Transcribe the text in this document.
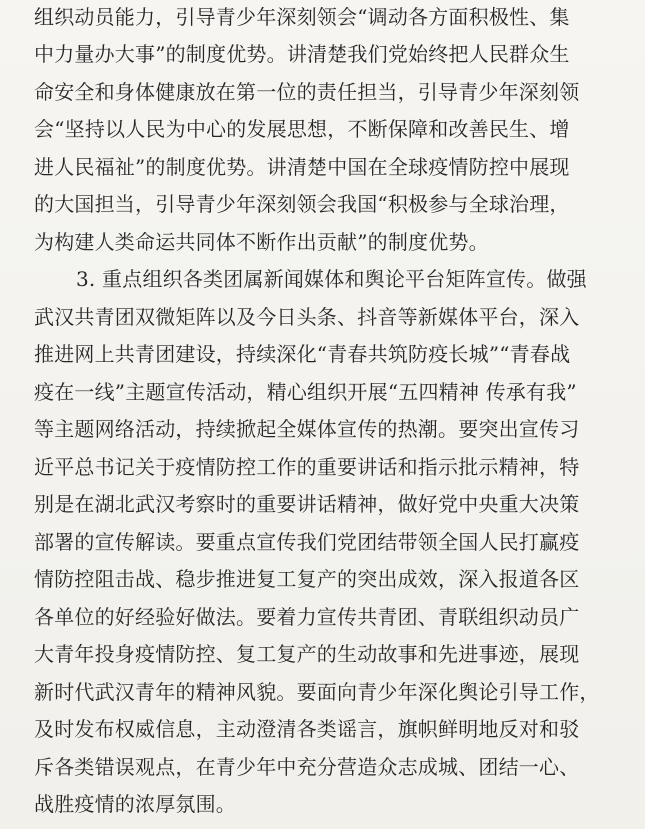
组织动员能力，引导青少年深刻领会“调动各方面积极性、集
中力量办大事”的制度优势。讲清楚我们党始终把人民群众生
命安全和身体健康放在第一位的责任担当，引导青少年深刻领
会“坚持以人民为中心的发展思想，不断保障和改善民生、增
进人民福祉”的制度优势。讲清楚中国在全球疫情防控中展现
的大国担当，引导青少年深刻领会我国“积极参与全球治理，
为构建人类命运共同体不断作出贡献”的制度优势。
3. 重点组织各类团属新闻媒体和舆论平台矩阵宣传。做强
武汉共青团双微矩阵以及今日头条、抖音等新媒体平台，深入
推进网上共青团建设，持续深化“青春共筑防疫长城”“青春战
疫在一线”主题宣传活动，精心组织开展“五四精神 传承有我”
等主题网络活动，持续掀起全媒体宣传的热潮。要突出宣传习
近平总书记关于疫情防控工作的重要讲话和指示批示精神，特
别是在湖北武汉考察时的重要讲话精神，做好党中央重大决策
部署的宣传解读。要重点宣传我们党团结带领全国人民打赢疫
情防控阻击战、稳步推进复工复产的突出成效，深入报道各区
各单位的好经验好做法。要着力宣传共青团、青联组织动员广
大青年投身疫情防控、复工复产的生动故事和先进事迹，展现
新时代武汉青年的精神风貌。要面向青少年深化舆论引导工作，
及时发布权威信息，主动澄清各类谣言，旗帜鲜明地反对和驳
斥各类错误观点，在青少年中充分营造众志成城、团结一心、
战胜疫情的浓厚氛围。
